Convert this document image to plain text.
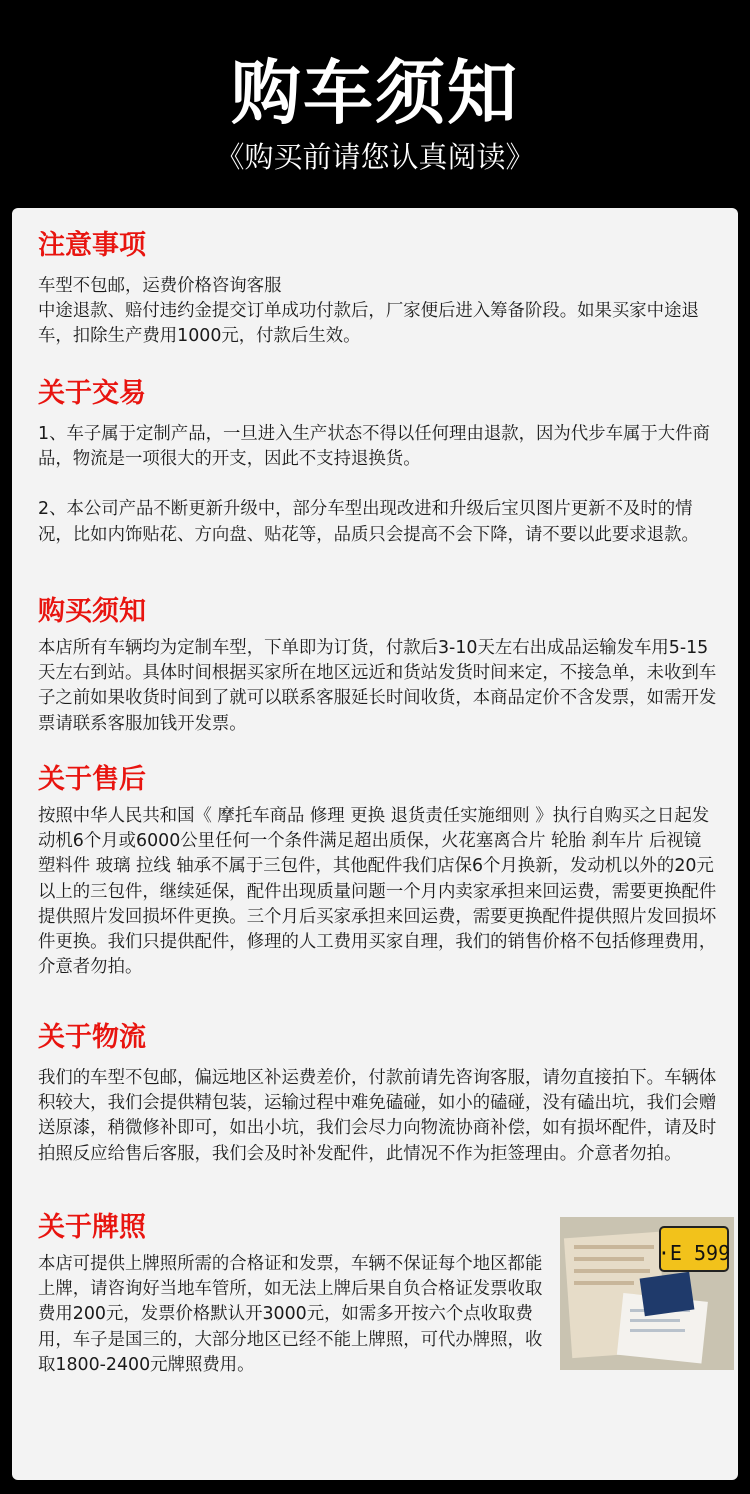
购车须知
《购买前请您认真阅读》
注意事项

车型不包邮，运费价格咨询客服

中途退款、赔付违约金提交订单成功付款后，厂家便后进入筹备阶段。如果买家中途退车，扣除生产费用1000元，付款后生效。

关于交易

1、车子属于定制产品，一旦进入生产状态不得以任何理由退款，因为代步车属于大件商品，物流是一项很大的开支，因此不支持退换货。

2、本公司产品不断更新升级中，部分车型出现改进和升级后宝贝图片更新不及时的情况，比如内饰贴花、方向盘、贴花等，品质只会提高不会下降，请不要以此要求退款。

购买须知

本店所有车辆均为定制车型，下单即为订货，付款后3-10天左右出成品运输发车用5-15天左右到站。具体时间根据买家所在地区远近和货站发货时间来定，不接急单，未收到车子之前如果收货时间到了就可以联系客服延长时间收货，本商品定价不含发票，如需开发票请联系客服加钱开发票。

关于售后

按照中华人民共和国《 摩托车商品 修理 更换 退货责任实施细则 》执行自购买之日起发动机6个月或6000公里任何一个条件满足超出质保，火花塞离合片 轮胎 刹车片 后视镜 塑料件 玻璃 拉线 轴承不属于三包件，其他配件我们店保6个月换新，发动机以外的20元以上的三包件，继续延保，配件出现质量问题一个月内卖家承担来回运费，需要更换配件提供照片发回损坏件更换。三个月后买家承担来回运费，需要更换配件提供照片发回损坏件更换。我们只提供配件，修理的人工费用买家自理，我们的销售价格不包括修理费用，介意者勿拍。

关于物流

我们的车型不包邮，偏远地区补运费差价，付款前请先咨询客服，请勿直接拍下。车辆体积较大，我们会提供精包装，运输过程中难免磕碰，如小的磕碰，没有磕出坑，我们会赠送原漆，稍微修补即可，如出小坑，我们会尽力向物流协商补偿，如有损坏配件，请及时拍照反应给售后客服，我们会及时补发配件，此情况不作为拒签理由。介意者勿拍。

关于牌照

本店可提供上牌照所需的合格证和发票，车辆不保证每个地区都能上牌，请咨询好当地车管所，如无法上牌后果自负合格证发票收取费用200元，发票价格默认开3000元，如需多开按六个点收取费用，车子是国三的，大部分地区已经不能上牌照，可代办牌照，收取1800-2400元牌照费用。

·E 599
